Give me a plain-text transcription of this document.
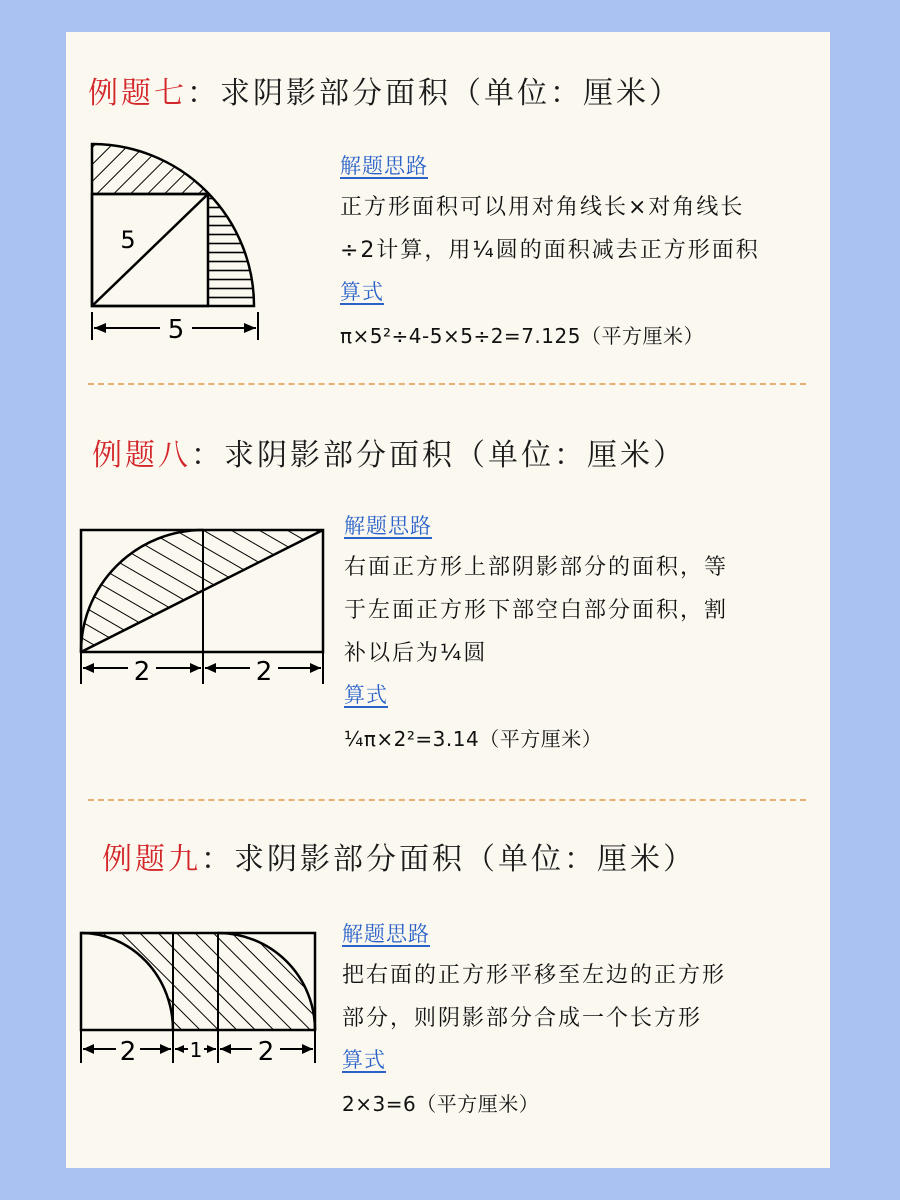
例题七：求阴影部分面积（单位：厘米）
5
5
解题思路
正方形面积可以用对角线长×对角线长
÷2计算，用¼圆的面积减去正方形面积
算式
π×5²÷4-5×5÷2=7.125（平方厘米）
例题八：求阴影部分面积（单位：厘米）
2	2
解题思路
右面正方形上部阴影部分的面积，等
于左面正方形下部空白部分面积，割
补以后为¼圆
算式
¼π×2²=3.14（平方厘米）
例题九：求阴影部分面积（单位：厘米）
2	1 2
解题思路
把右面的正方形平移至左边的正方形
部分，则阴影部分合成一个长方形
算式
2×3=6（平方厘米）
